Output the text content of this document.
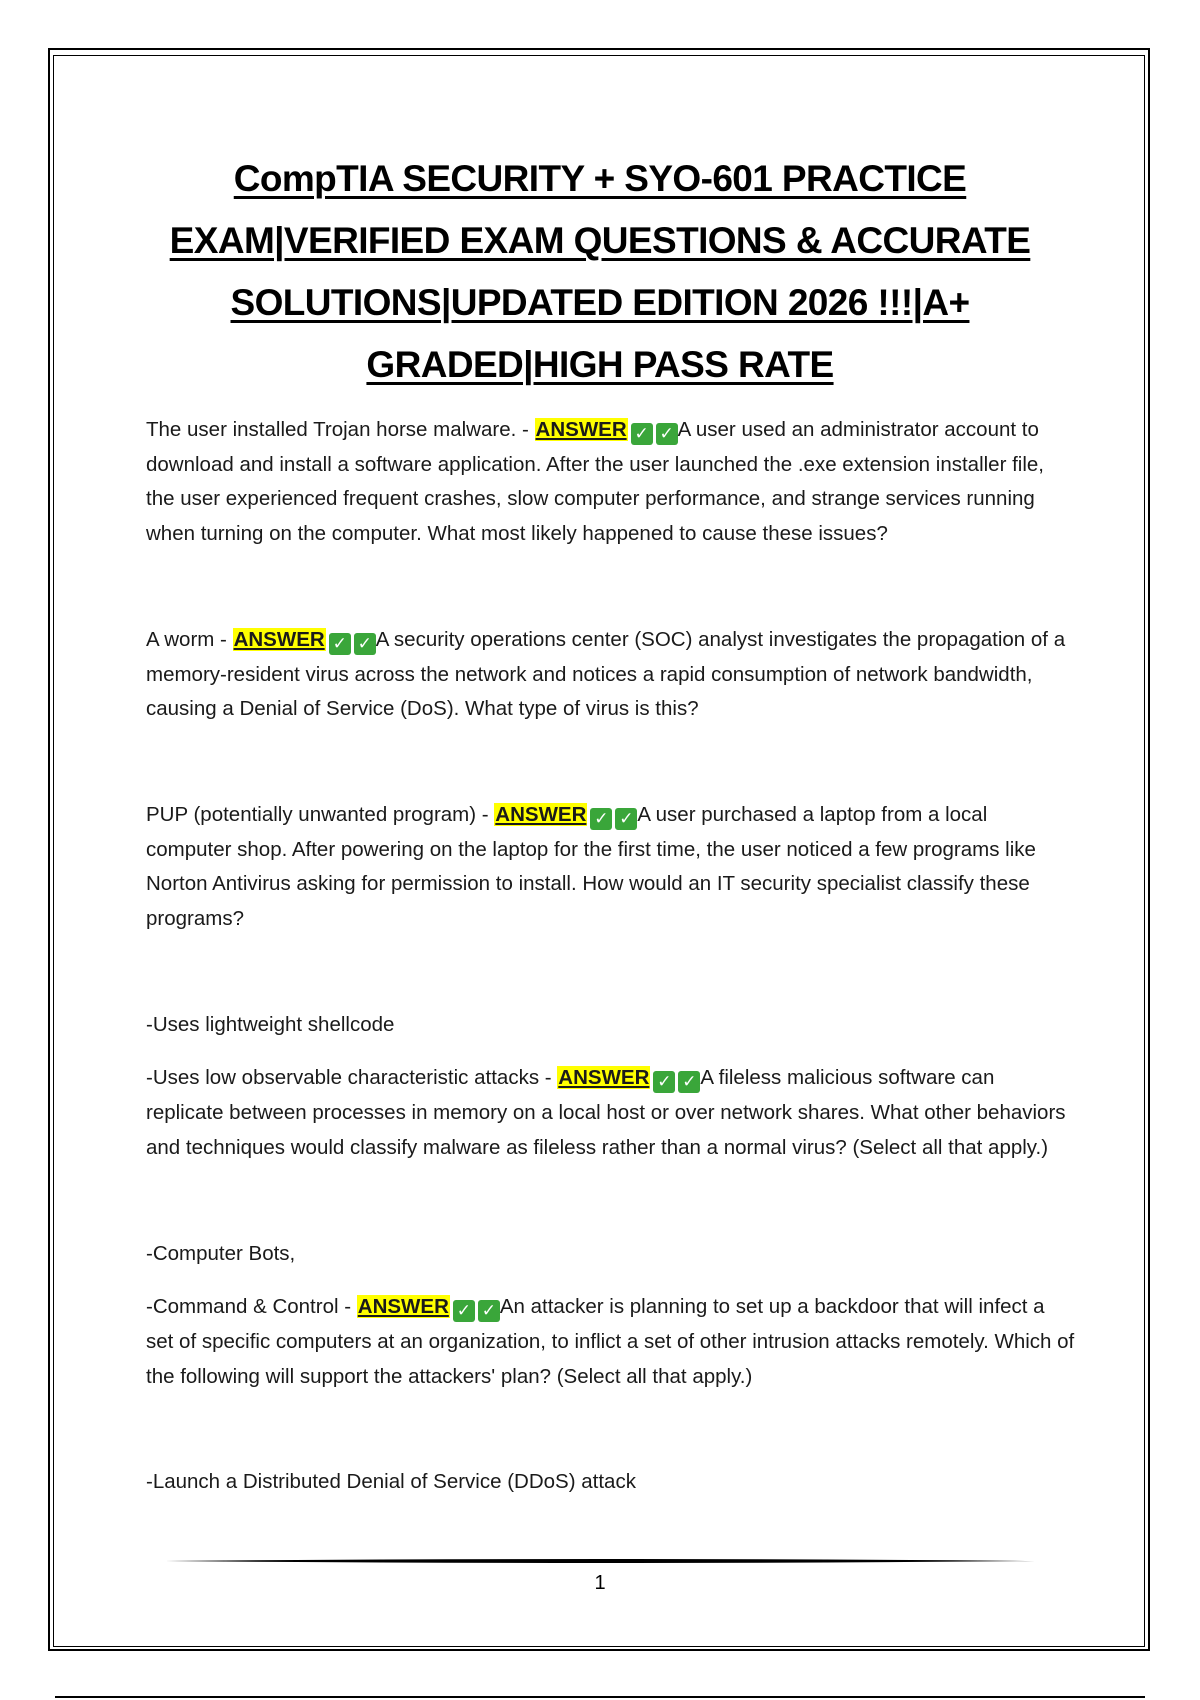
CompTIA SECURITY + SYO-601 PRACTICE
EXAM|VERIFIED EXAM QUESTIONS & ACCURATE
SOLUTIONS|UPDATED EDITION 2026 !!!|A+
GRADED|HIGH PASS RATE

The user installed Trojan horse malware. - ANSWER ✓ ✓ A user used an administrator account to download and install a software application. After the user launched the .exe extension installer file, the user experienced frequent crashes, slow computer performance, and strange services running when turning on the computer. What most likely happened to cause these issues?

A worm - ANSWER ✓ ✓ A security operations center (SOC) analyst investigates the propagation of a memory-resident virus across the network and notices a rapid consumption of network bandwidth, causing a Denial of Service (DoS). What type of virus is this?

PUP (potentially unwanted program) - ANSWER ✓ ✓ A user purchased a laptop from a local computer shop. After powering on the laptop for the first time, the user noticed a few programs like Norton Antivirus asking for permission to install. How would an IT security specialist classify these programs?

-Uses lightweight shellcode

-Uses low observable characteristic attacks - ANSWER ✓ ✓ A fileless malicious software can replicate between processes in memory on a local host or over network shares. What other behaviors and techniques would classify malware as fileless rather than a normal virus? (Select all that apply.)

-Computer Bots,

-Command & Control - ANSWER ✓ ✓ An attacker is planning to set up a backdoor that will infect a set of specific computers at an organization, to inflict a set of other intrusion attacks remotely. Which of the following will support the attackers' plan? (Select all that apply.)

-Launch a Distributed Denial of Service (DDoS) attack

1
